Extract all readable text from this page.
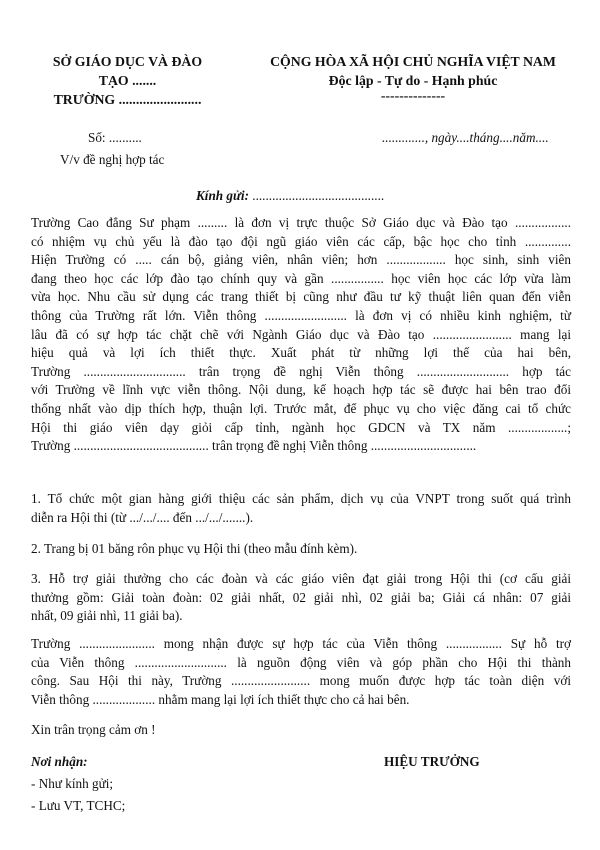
SỞ GIÁO DỤC VÀ ĐÀO
TẠO .......
TRƯỜNG ........................
Số: ..........
V/v đề nghị hợp tác
CỘNG HÒA XÃ HỘI CHỦ NGHĨA VIỆT NAM
Độc lập - Tự do - Hạnh phúc
--------------
............., ngày....tháng....năm....
Kính gửi: ........................................
Trường Cao đẳng Sư phạm ......... là đơn vị trực thuộc Sở Giáo dục và Đào tạo .................
có nhiệm vụ chủ yếu là đào tạo đội ngũ giáo viên các cấp, bậc học cho tỉnh ..............
Hiện Trường có ..... cán bộ, giảng viên, nhân viên; hơn .................. học sinh, sinh viên
đang theo học các lớp đào tạo chính quy và gần ................ học viên học các lớp vừa làm
vừa học. Nhu cầu sử dụng các trang thiết bị cũng như đầu tư kỹ thuật liên quan đến viễn
thông của Trường rất lớn. Viễn thông ......................... là đơn vị có nhiều kinh nghiệm, từ
lâu đã có sự hợp tác chặt chẽ với Ngành Giáo dục và Đào tạo ........................ mang lại
hiệu quả và lợi ích thiết thực. Xuất phát từ những lợi thế của hai bên,
Trường ............................... trân trọng đề nghị Viễn thông ............................ hợp tác
với Trường về lĩnh vực viễn thông. Nội dung, kế hoạch hợp tác sẽ được hai bên trao đổi
thống nhất vào dịp thích hợp, thuận lợi. Trước mắt, để phục vụ cho việc đăng cai tổ chức
Hội thi giáo viên dạy giỏi cấp tỉnh, ngành học GDCN và TX năm ..................;
Trường ......................................... trân trọng đề nghị Viễn thông ................................
1. Tổ chức một gian hàng giới thiệu các sản phẩm, dịch vụ của VNPT trong suốt quá trình
diễn ra Hội thi (từ .../.../.... đến .../.../.......).
2. Trang bị 01 băng rôn phục vụ Hội thi (theo mẫu đính kèm).
3. Hỗ trợ giải thưởng cho các đoàn và các giáo viên đạt giải trong Hội thi (cơ cấu giải
thưởng gồm: Giải toàn đoàn: 02 giải nhất, 02 giải nhì, 02 giải ba; Giải cá nhân: 07 giải
nhất, 09 giải nhì, 11 giải ba).
Trường ....................... mong nhận được sự hợp tác của Viễn thông ................. Sự hỗ trợ
của Viễn thông ............................ là nguồn động viên và góp phần cho Hội thi thành
công. Sau Hội thi này, Trường ........................ mong muốn được hợp tác toàn diện với
Viễn thông ................... nhằm mang lại lợi ích thiết thực cho cả hai bên.
Xin trân trọng cảm ơn !
Nơi nhận:
- Như kính gửi;
- Lưu VT, TCHC;
HIỆU TRƯỞNG
